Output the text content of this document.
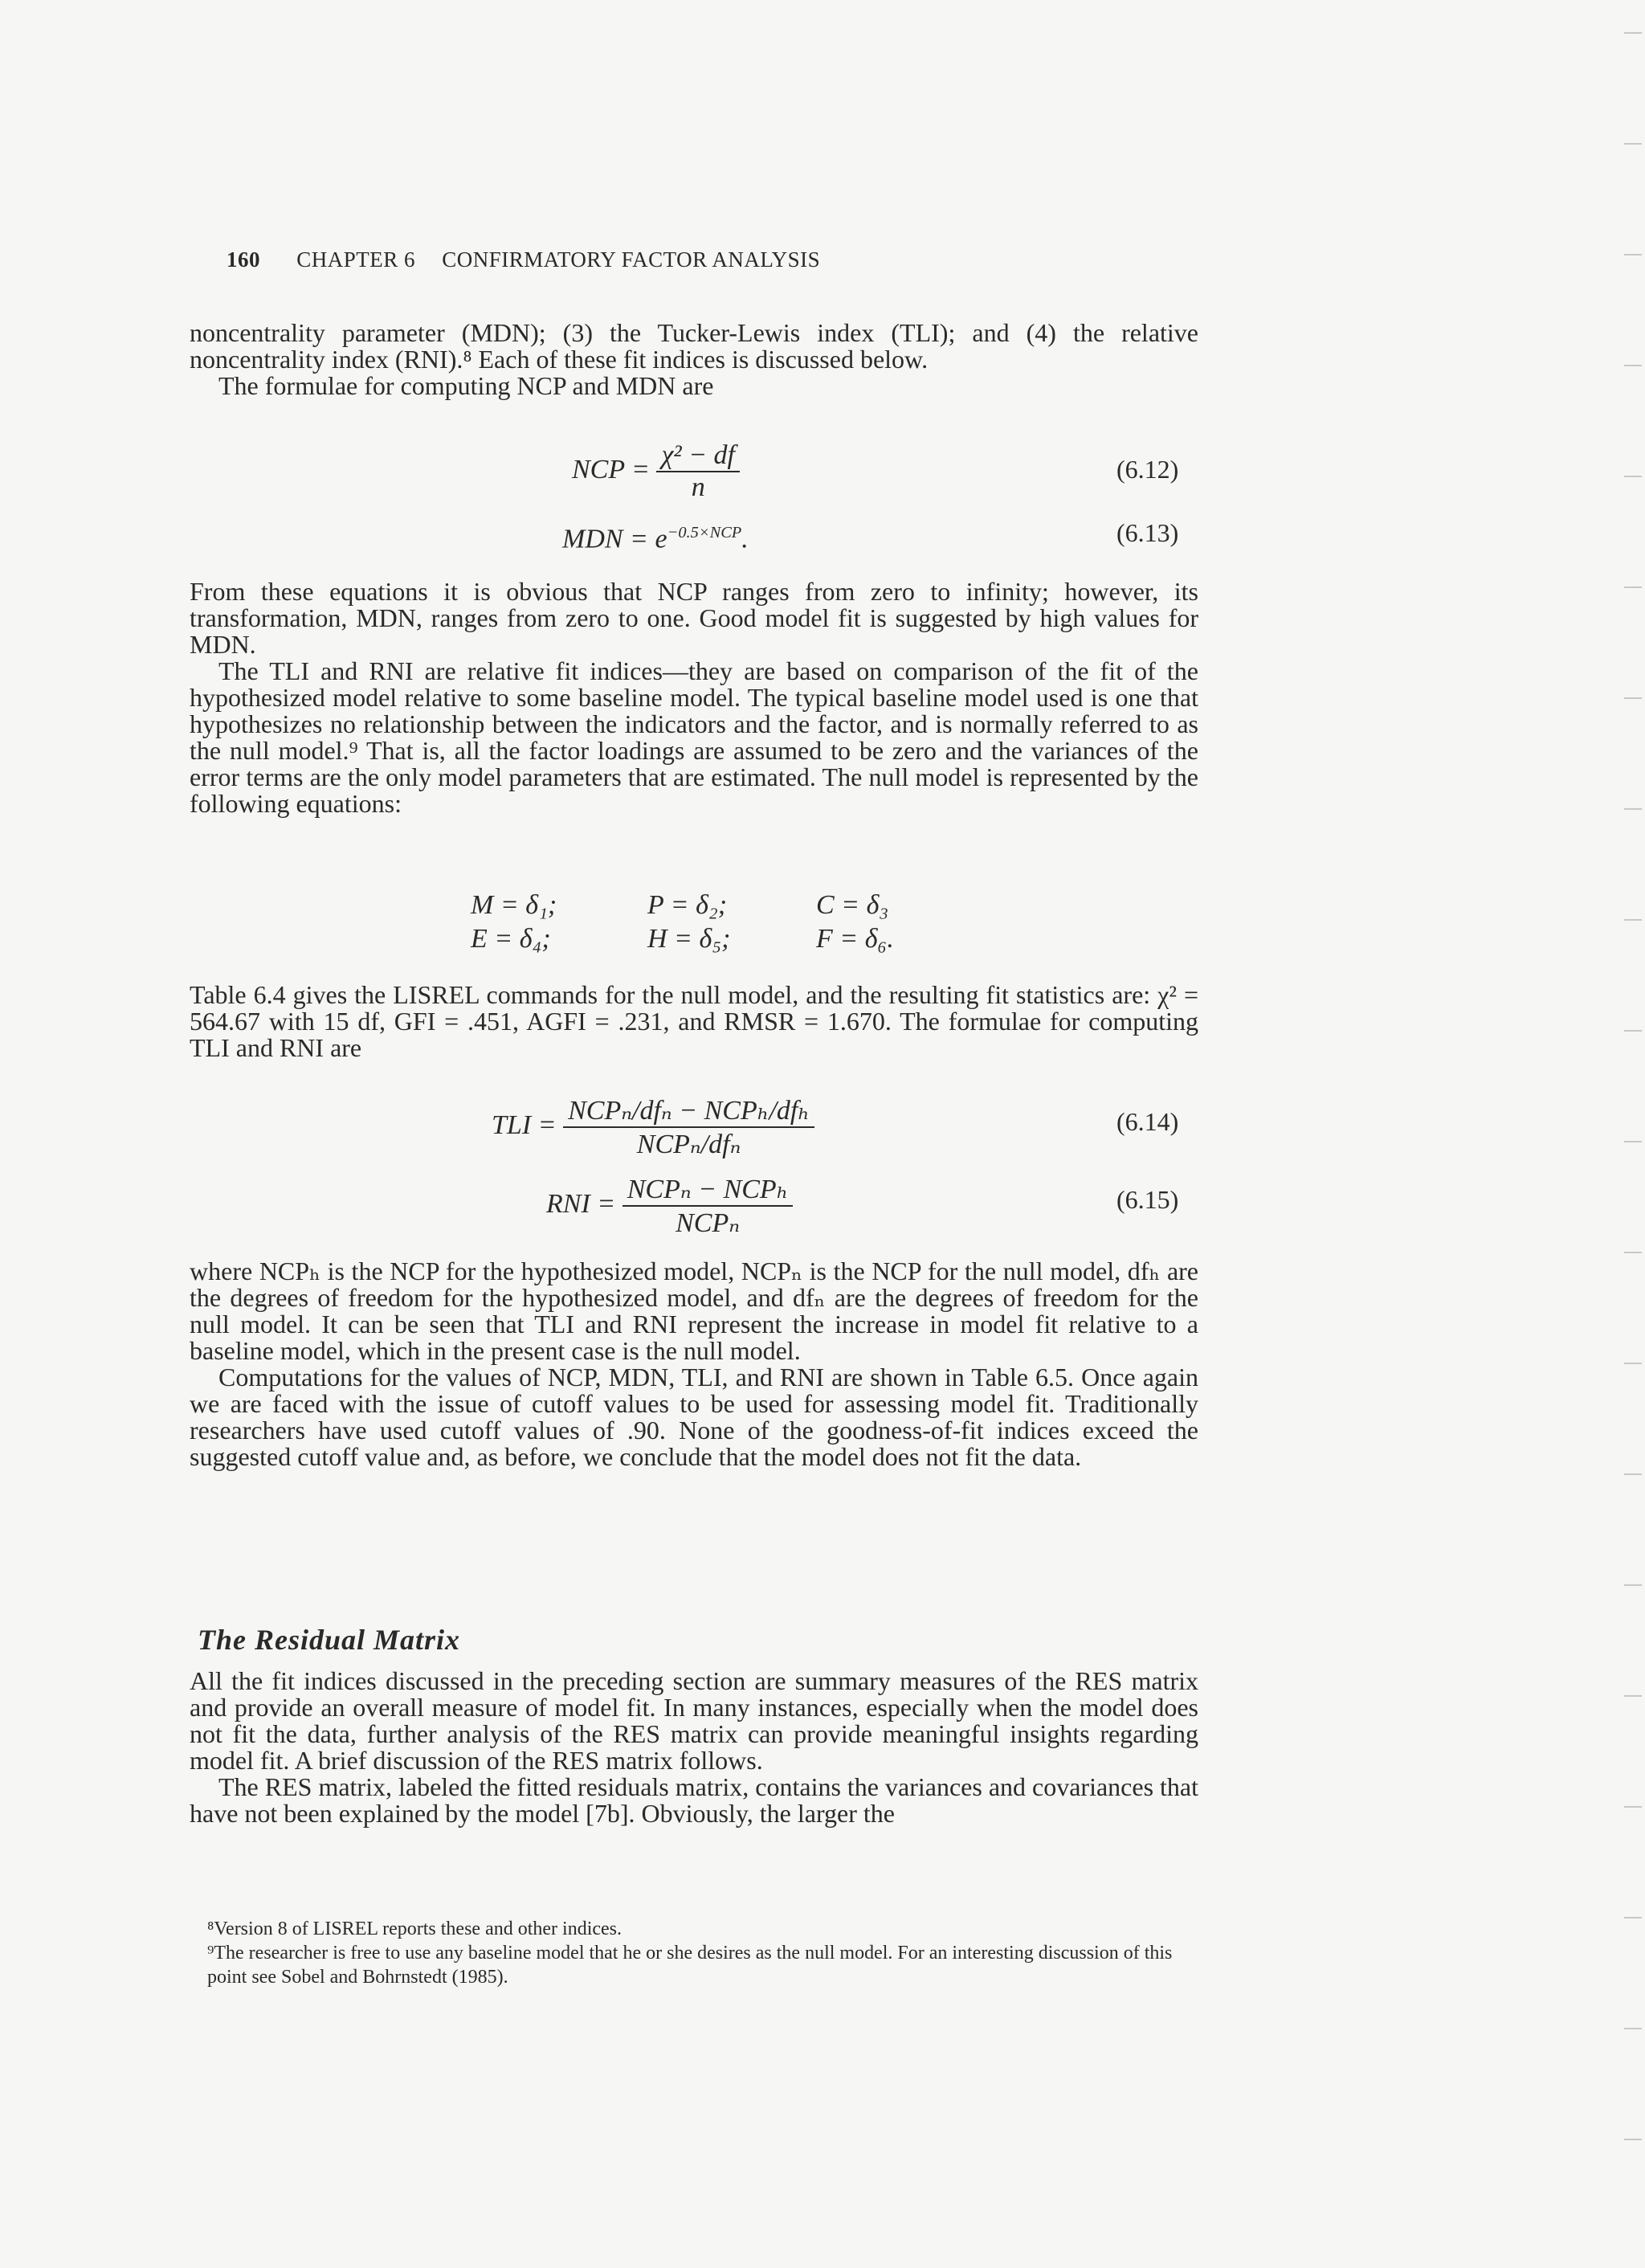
160 CHAPTER 6 CONFIRMATORY FACTOR ANALYSIS

noncentrality parameter (MDN); (3) the Tucker-Lewis index (TLI); and (4) the relative noncentrality index (RNI).⁸ Each of these fit indices is discussed below.

The formulae for computing NCP and MDN are

NCP = $\frac{\text{χ² − df}}{n}$	(6.12)
MDN = $e^{-0.5\times NCP}$.	(6.13)

From these equations it is obvious that NCP ranges from zero to infinity; however, its transformation, MDN, ranges from zero to one. Good model fit is suggested by high values for MDN.

The TLI and RNI are relative fit indices—they are based on comparison of the fit of the hypothesized model relative to some baseline model. The typical baseline model used is one that hypothesizes no relationship between the indicators and the factor, and is normally referred to as the null model.⁹ That is, all the factor loadings are assumed to be zero and the variances of the error terms are the only model parameters that are estimated. The null model is represented by the following equations:

M = δ₁;	P = δ₂;	C = δ₃
E = δ₄;	H = δ₅;	F = δ₆.

Table 6.4 gives the LISREL commands for the null model, and the resulting fit statistics are: χ² = 564.67 with 15 df, GFI = .451, AGFI = .231, and RMSR = 1.670. The formulae for computing TLI and RNI are

TLI = $\frac{\text{NCPₙ/dfₙ − NCPₕ/dfₕ}}{\text{NCPₙ/dfₙ}}$	(6.14)
RNI = $\frac{\text{NCPₙ − NCPₕ}}{\text{NCPₙ}}$	(6.15)

where NCPₕ is the NCP for the hypothesized model, NCPₙ is the NCP for the null model, dfₕ are the degrees of freedom for the hypothesized model, and dfₙ are the degrees of freedom for the null model. It can be seen that TLI and RNI represent the increase in model fit relative to a baseline model, which in the present case is the null model.

Computations for the values of NCP, MDN, TLI, and RNI are shown in Table 6.5. Once again we are faced with the issue of cutoff values to be used for assessing model fit. Traditionally researchers have used cutoff values of .90. None of the goodness-of-fit indices exceed the suggested cutoff value and, as before, we conclude that the model does not fit the data.

The Residual Matrix

All the fit indices discussed in the preceding section are summary measures of the RES matrix and provide an overall measure of model fit. In many instances, especially when the model does not fit the data, further analysis of the RES matrix can provide meaningful insights regarding model fit. A brief discussion of the RES matrix follows.

The RES matrix, labeled the fitted residuals matrix, contains the variances and covariances that have not been explained by the model [7b]. Obviously, the larger the

⁸Version 8 of LISREL reports these and other indices.
⁹The researcher is free to use any baseline model that he or she desires as the null model. For an interesting discussion of this point see Sobel and Bohrnstedt (1985).
